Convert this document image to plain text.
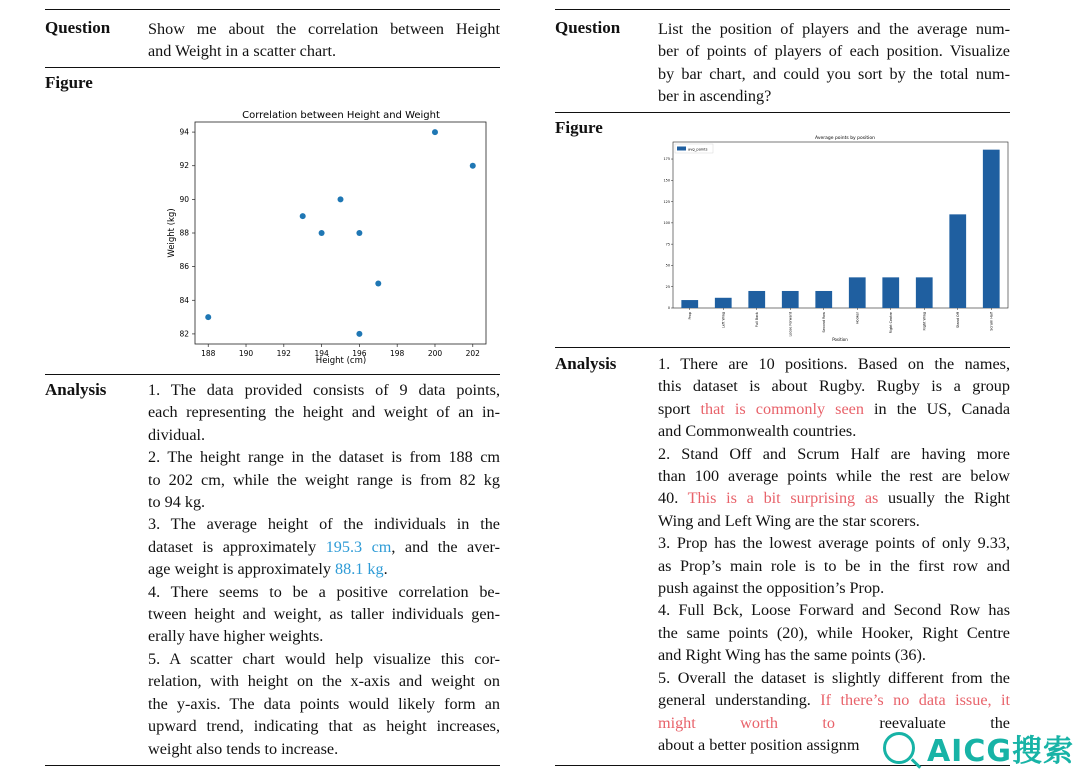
Question Show me about the correlation between Height
and Weight in a scatter chart.
Figure
Correlation between Height and Weight
188	190	192	194	196	198	200	202
82
84
86
88
90
92
94
Height (cm)
Weight (kg)
Analysis	1. The data provided consists of 9 data points,
each representing the height and weight of an in-
dividual.
2. The height range in the dataset is from 188 cm
to 202 cm, while the weight range is from 82 kg
to 94 kg.
3. The average height of the individuals in the
dataset is approximately 195.3 cm, and the aver-
age weight is approximately 88.1 kg.
4. There seems to be a positive correlation be-
tween height and weight, as taller individuals gen-
erally have higher weights.
5. A scatter chart would help visualize this cor-
relation, with height on the x-axis and weight on
the y-axis. The data points would likely form an
upward trend, indicating that as height increases,
weight also tends to increase.
Question List the position of players and the average num-
ber of points of players of each position. Visualize
by bar chart, and could you sort by the total num-
ber in ascending?
Figure
Average points by position
avg_points
0
25
50
75
100
125
150
175
Prop	Left Wing	Full Back	Loose Forward	Second Row	Hooker	Right Centre	Right Wing	Stand Off	Scrum Half
Position
Analysis	1. There are 10 positions. Based on the names,
this dataset is about Rugby. Rugby is a group
sport that is commonly seen in the US, Canada
and Commonwealth countries.
2. Stand Off and Scrum Half are having more
than 100 average points while the rest are below
40. This is a bit surprising as usually the Right
Wing and Left Wing are the star scorers.
3. Prop has the lowest average points of only 9.33,
as Prop’s main role is to be in the first row and
push against the opposition’s Prop.
4. Full Bck, Loose Forward and Second Row has
the same points (20), while Hooker, Right Centre
and Right Wing has the same points (36).
5. Overall the dataset is slightly different from the
general understanding. If there’s no data issue, it
might worth to reevaluate the
about a better position assignm	AICG搜索
